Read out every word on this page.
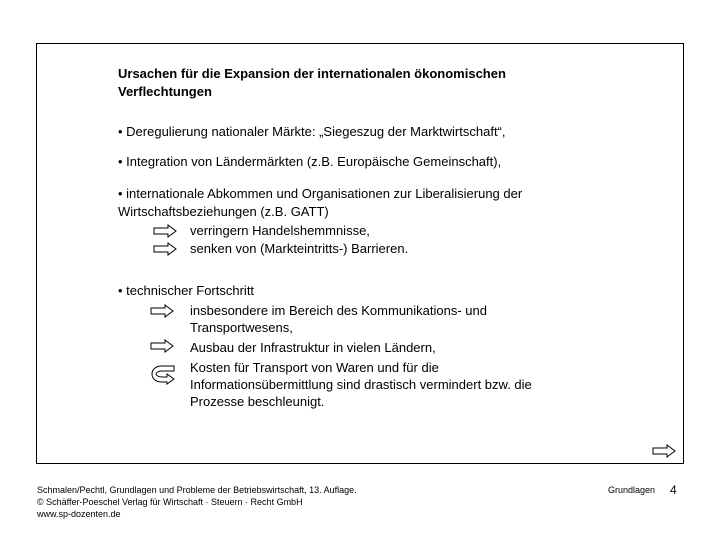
Ursachen für die Expansion der internationalen ökonomischen
Verflechtungen
• Deregulierung nationaler Märkte: „Siegeszug der Marktwirtschaft“,
• Integration von Ländermärkten (z.B. Europäische Gemeinschaft),
• internationale Abkommen und Organisationen zur Liberalisierung der
Wirtschaftsbeziehungen (z.B. GATT)
verringern Handelshemmnisse,
senken von (Markteintritts-) Barrieren.
• technischer Fortschritt
insbesondere im Bereich des Kommunikations- und
Transportwesens,
Ausbau der Infrastruktur in vielen Ländern,
Kosten für Transport von Waren und für die
Informationsübermittlung sind drastisch vermindert bzw. die
Prozesse beschleunigt.
Schmalen/Pechtl, Grundlagen und Probleme der Betriebswirtschaft, 13. Auflage.
© Schäffer-Poeschel Verlag für Wirtschaft · Steuern · Recht GmbH
www.sp-dozenten.de
Grundlagen 4
